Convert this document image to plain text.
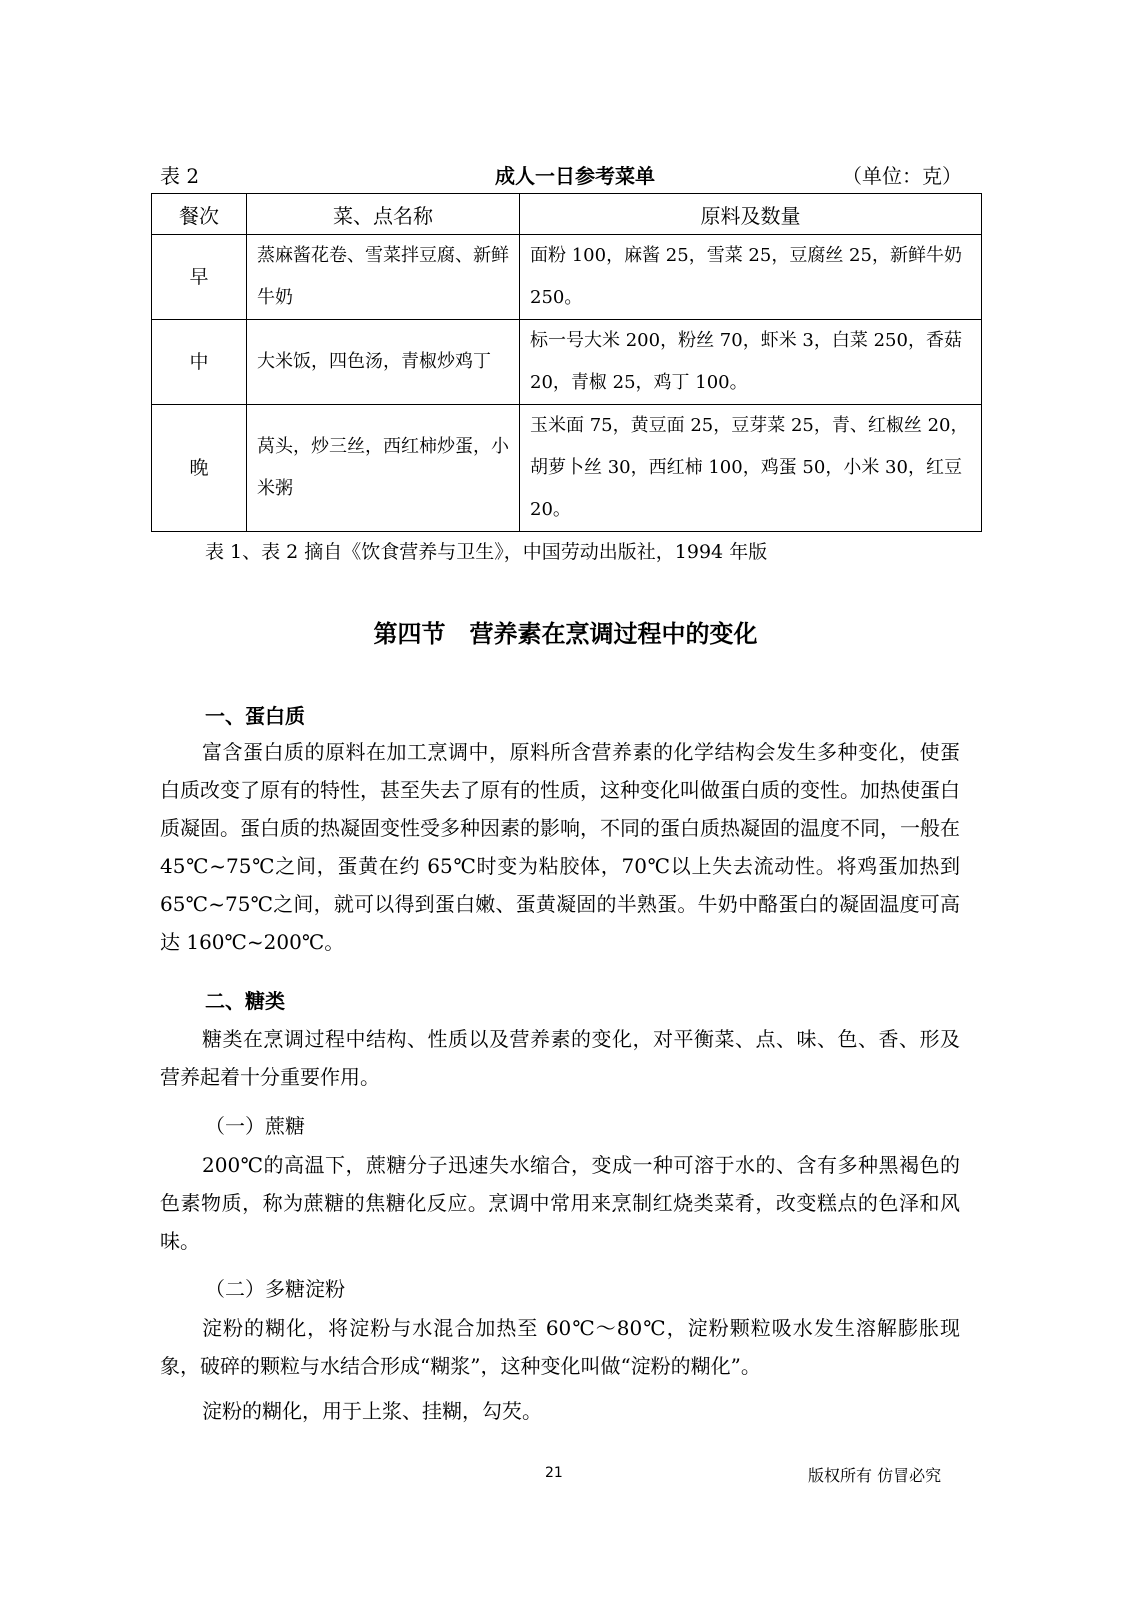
表 2	成人一日参考菜单	（单位：克）
餐次	菜、点名称	原料及数量
早	蒸麻酱花卷、雪菜拌豆腐、新鲜牛奶	面粉 100，麻酱 25，雪菜 25，豆腐丝 25，新鲜牛奶 250。
中	大米饭，四色汤，青椒炒鸡丁	标一号大米 200，粉丝 70，虾米 3，白菜 250，香菇 20，青椒 25，鸡丁 100。
晚	莴头，炒三丝，西红柿炒蛋，小米粥	玉米面 75，黄豆面 25，豆芽菜 25，青、红椒丝 20，胡萝卜丝 30，西红柿 100，鸡蛋 50，小米 30，红豆 20。
表 1、表 2 摘自《饮食营养与卫生》，中国劳动出版社，1994 年版
第四节　营养素在烹调过程中的变化
一、蛋白质
富含蛋白质的原料在加工烹调中，原料所含营养素的化学结构会发生多种变化，使蛋白质改变了原有的特性，甚至失去了原有的性质，这种变化叫做蛋白质的变性。加热使蛋白质凝固。蛋白质的热凝固变性受多种因素的影响，不同的蛋白质热凝固的温度不同，一般在 45℃~75℃之间，蛋黄在约 65℃时变为粘胶体，70℃以上失去流动性。将鸡蛋加热到 65℃~75℃之间，就可以得到蛋白嫩、蛋黄凝固的半熟蛋。牛奶中酪蛋白的凝固温度可高达 160℃~200℃。
二、糖类
糖类在烹调过程中结构、性质以及营养素的变化，对平衡菜、点、味、色、香、形及营养起着十分重要作用。
（一）蔗糖
200℃的高温下，蔗糖分子迅速失水缩合，变成一种可溶于水的、含有多种黑褐色的色素物质，称为蔗糖的焦糖化反应。烹调中常用来烹制红烧类菜肴，改变糕点的色泽和风味。
（二）多糖淀粉
淀粉的糊化，将淀粉与水混合加热至 60℃～80℃，淀粉颗粒吸水发生溶解膨胀现象，破碎的颗粒与水结合形成“糊浆”，这种变化叫做“淀粉的糊化”。
淀粉的糊化，用于上浆、挂糊，勾芡。
21	版权所有 仿冒必究
